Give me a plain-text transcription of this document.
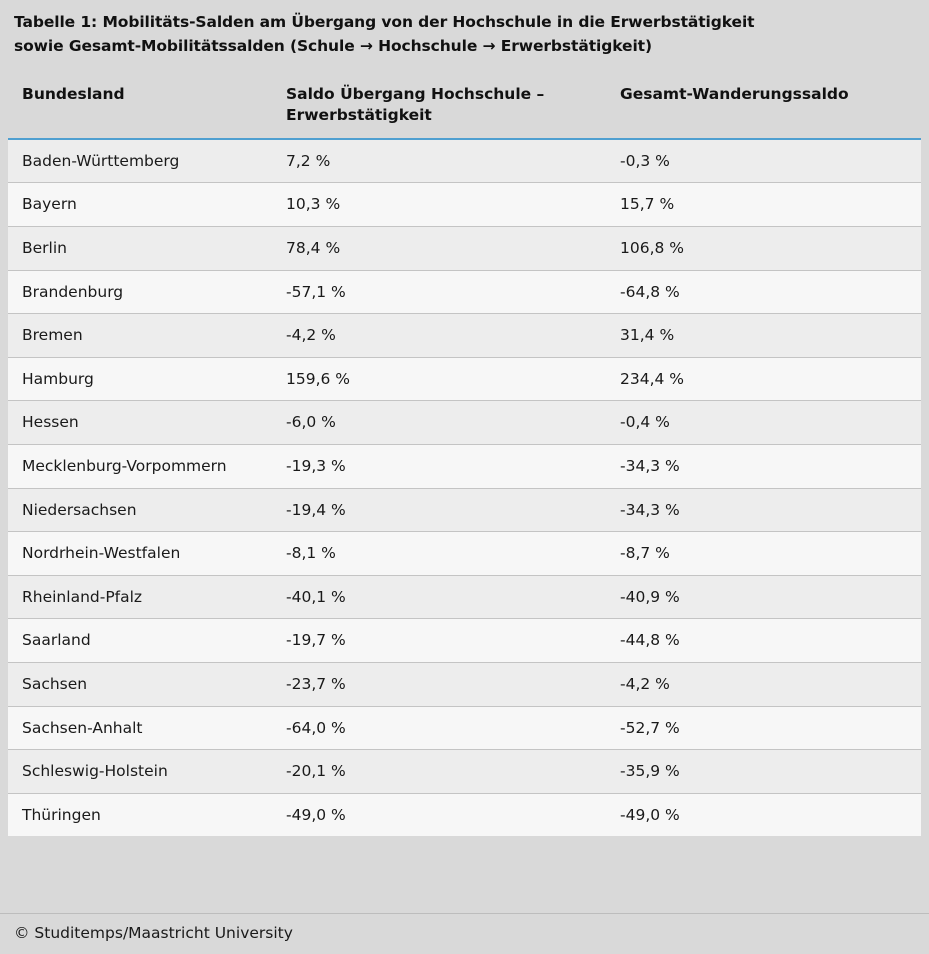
Tabelle 1: Mobilitäts-Salden am Übergang von der Hochschule in die Erwerbstätigkeit
sowie Gesamt-Mobilitätssalden (Schule → Hochschule → Erwerbstätigkeit)
Bundesland	Saldo Übergang Hochschule – Erwerbstätigkeit	Gesamt-Wanderungssaldo
Baden-Württemberg	7,2 %	-0,3 %
Bayern	10,3 %	15,7 %
Berlin	78,4 %	106,8 %
Brandenburg	-57,1 %	-64,8 %
Bremen	-4,2 %	31,4 %
Hamburg	159,6 %	234,4 %
Hessen	-6,0 %	-0,4 %
Mecklenburg-Vorpommern	-19,3 %	-34,3 %
Niedersachsen	-19,4 %	-34,3 %
Nordrhein-Westfalen	-8,1 %	-8,7 %
Rheinland-Pfalz	-40,1 %	-40,9 %
Saarland	-19,7 %	-44,8 %
Sachsen	-23,7 %	-4,2 %
Sachsen-Anhalt	-64,0 %	-52,7 %
Schleswig-Holstein	-20,1 %	-35,9 %
Thüringen	-49,0 %	-49,0 %
© Studitemps/Maastricht University
